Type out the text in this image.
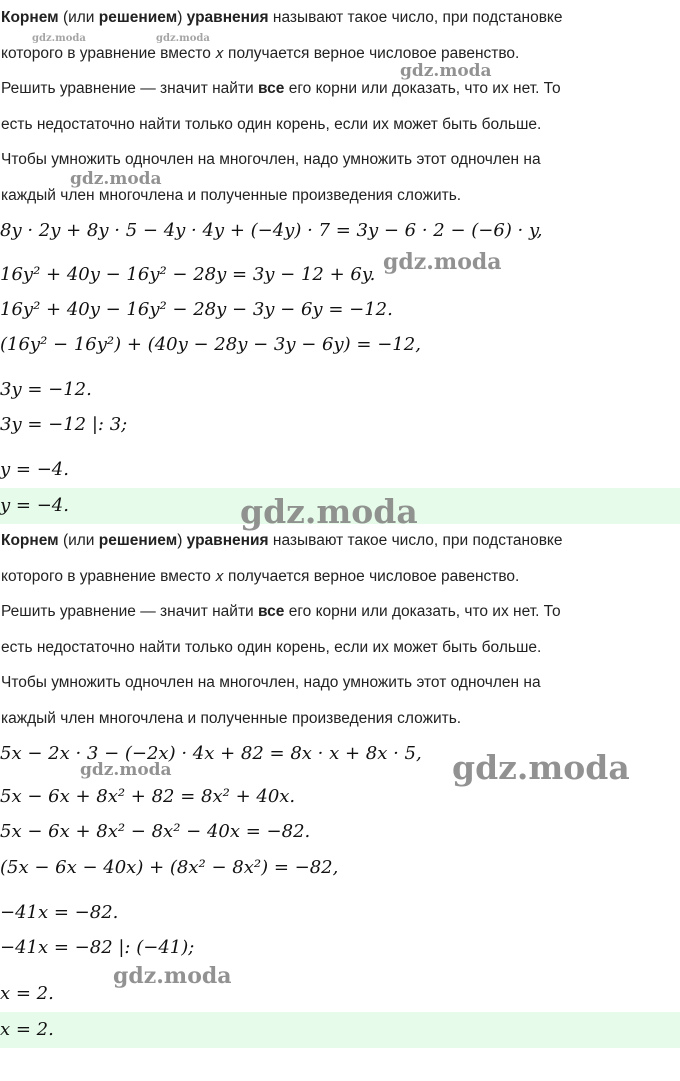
Корнем (или решением) уравнения называют такое число, при подстановке
которого в уравнение вместо 𝑥 получается верное числовое равенство.
Решить уравнение — значит найти все его корни или доказать, что их нет. То
есть недостаточно найти только один корень, если их может быть больше.
Чтобы умножить одночлен на многочлен, надо умножить этот одночлен на
каждый член многочлена и полученные произведения сложить.
8y · 2y + 8y · 5 − 4y · 4y + (−4y) · 7 = 3y − 6 · 2 − (−6) · y,
16y² + 40y − 16y² − 28y = 3y − 12 + 6y.
16y² + 40y − 16y² − 28y − 3y − 6y = −12.
(16y² − 16y²) + (40y − 28y − 3y − 6y) = −12,
3y = −12.
3y = −12 |: 3;
y = −4.
y = −4.
Корнем (или решением) уравнения называют такое число, при подстановке
которого в уравнение вместо 𝑥 получается верное числовое равенство.
Решить уравнение — значит найти все его корни или доказать, что их нет. То
есть недостаточно найти только один корень, если их может быть больше.
Чтобы умножить одночлен на многочлен, надо умножить этот одночлен на
каждый член многочлена и полученные произведения сложить.
5x − 2x · 3 − (−2x) · 4x + 82 = 8x · x + 8x · 5,
5x − 6x + 8x² + 82 = 8x² + 40x.
5x − 6x + 8x² − 8x² − 40x = −82.
(5x − 6x − 40x) + (8x² − 8x²) = −82,
−41x = −82.
−41x = −82 |: (−41);
x = 2.
x = 2.
gdz.moda	gdz.moda
gdz.moda
gdz.moda
gdz.moda
gdz.moda
gdz.moda	gdz.moda
gdz.moda
